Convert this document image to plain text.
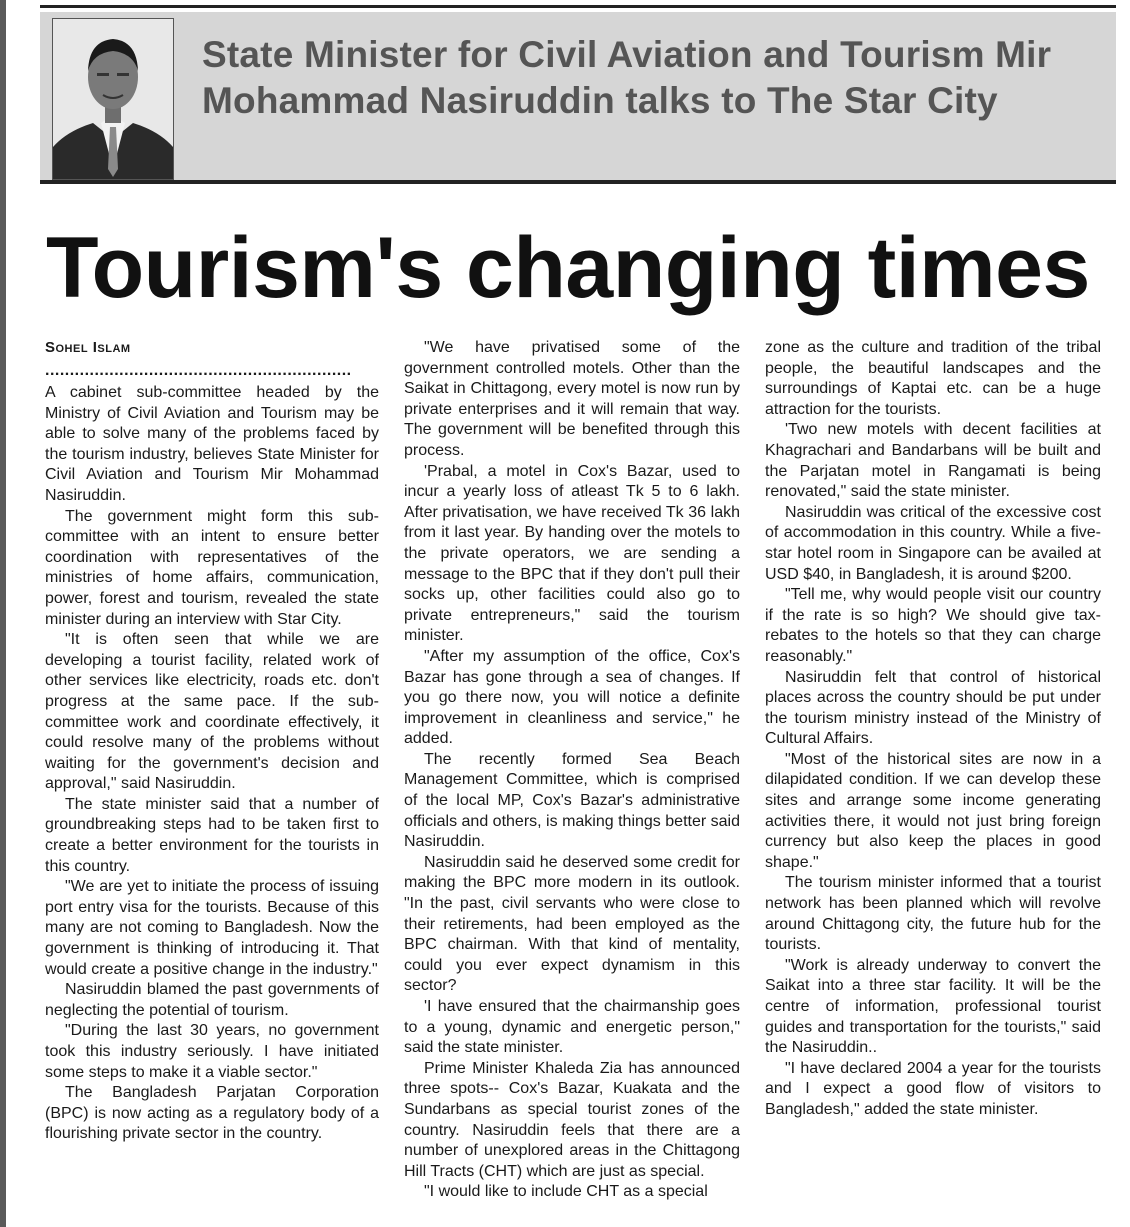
State Minister for Civil Aviation and Tourism Mir Mohammad Nasiruddin talks to The Star City
Tourism's changing times
Sohel Islam
..............................................................

A cabinet sub-committee headed by the Ministry of Civil Aviation and Tourism may be able to solve many of the problems faced by the tourism industry, believes State Minister for Civil Aviation and Tourism Mir Mohammad Nasiruddin.

The government might form this sub-committee with an intent to ensure better coordination with representatives of the ministries of home affairs, communication, power, forest and tourism, revealed the state minister during an interview with Star City.

"It is often seen that while we are developing a tourist facility, related work of other services like electricity, roads etc. don't progress at the same pace. If the sub-committee work and coordinate effectively, it could resolve many of the problems without waiting for the government's decision and approval," said Nasiruddin.

The state minister said that a number of groundbreaking steps had to be taken first to create a better environment for the tourists in this country.

"We are yet to initiate the process of issuing port entry visa for the tourists. Because of this many are not coming to Bangladesh. Now the government is thinking of introducing it. That would create a positive change in the industry."

Nasiruddin blamed the past governments of neglecting the potential of tourism.

"During the last 30 years, no government took this industry seriously. I have initiated some steps to make it a viable sector."

The Bangladesh Parjatan Corporation (BPC) is now acting as a regulatory body of a flourishing private sector in the country.

"We have privatised some of the government controlled motels. Other than the Saikat in Chittagong, every motel is now run by private enterprises and it will remain that way. The government will be benefited through this process.

'Prabal, a motel in Cox's Bazar, used to incur a yearly loss of atleast Tk 5 to 6 lakh. After privatisation, we have received Tk 36 lakh from it last year. By handing over the motels to the private operators, we are sending a message to the BPC that if they don't pull their socks up, other facilities could also go to private entrepreneurs," said the tourism minister.

"After my assumption of the office, Cox's Bazar has gone through a sea of changes. If you go there now, you will notice a definite improvement in cleanliness and service," he added.

The recently formed Sea Beach Management Committee, which is comprised of the local MP, Cox's Bazar's administrative officials and others, is making things better said Nasiruddin.

Nasiruddin said he deserved some credit for making the BPC more modern in its outlook. "In the past, civil servants who were close to their retirements, had been employed as the BPC chairman. With that kind of mentality, could you ever expect dynamism in this sector?

'I have ensured that the chairmanship goes to a young, dynamic and energetic person," said the state minister.

Prime Minister Khaleda Zia has announced three spots-- Cox's Bazar, Kuakata and the Sundarbans as special tourist zones of the country. Nasiruddin feels that there are a number of unexplored areas in the Chittagong Hill Tracts (CHT) which are just as special.

"I would like to include CHT as a special

zone as the culture and tradition of the tribal people, the beautiful landscapes and the surroundings of Kaptai etc. can be a huge attraction for the tourists.

'Two new motels with decent facilities at Khagrachari and Bandarbans will be built and the Parjatan motel in Rangamati is being renovated," said the state minister.

Nasiruddin was critical of the excessive cost of accommodation in this country. While a five-star hotel room in Singapore can be availed at USD $40, in Bangladesh, it is around $200.

"Tell me, why would people visit our country if the rate is so high? We should give tax-rebates to the hotels so that they can charge reasonably."

Nasiruddin felt that control of historical places across the country should be put under the tourism ministry instead of the Ministry of Cultural Affairs.

"Most of the historical sites are now in a dilapidated condition. If we can develop these sites and arrange some income generating activities there, it would not just bring foreign currency but also keep the places in good shape."

The tourism minister informed that a tourist network has been planned which will revolve around Chittagong city, the future hub for the tourists.

"Work is already underway to convert the Saikat into a three star facility. It will be the centre of information, professional tourist guides and transportation for the tourists," said the Nasiruddin..

"I have declared 2004 a year for the tourists and I expect a good flow of visitors to Bangladesh," added the state minister.
